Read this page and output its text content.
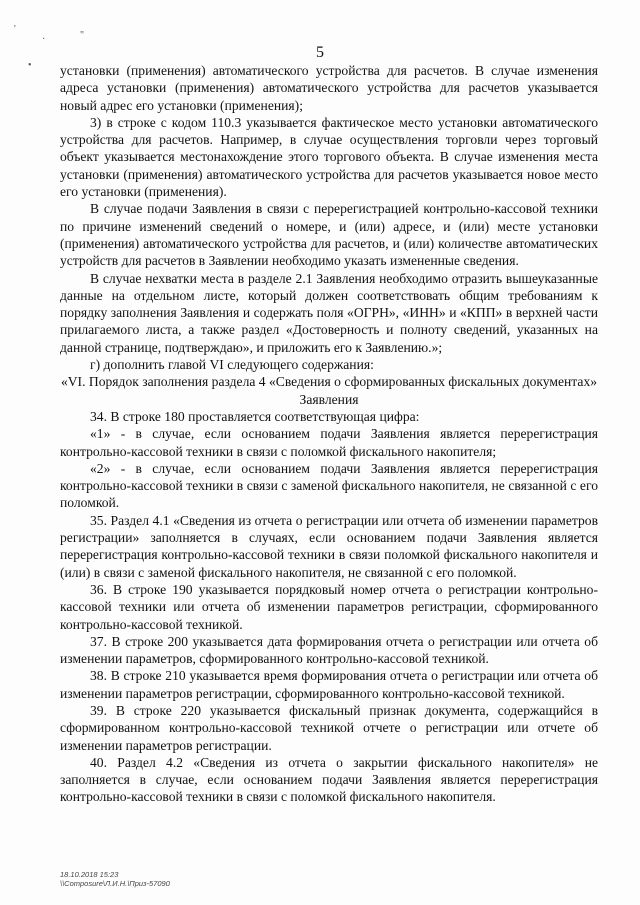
'
·	"
•
5

установки (применения) автоматического устройства для расчетов. В случае изменения адреса установки (применения) автоматического устройства для расчетов указывается новый адрес его установки (применения);

3) в строке с кодом 110.3 указывается фактическое место установки автоматического устройства для расчетов. Например, в случае осуществления торговли через торговый объект указывается местонахождение этого торгового объекта. В случае изменения места установки (применения) автоматического устройства для расчетов указывается новое место его установки (применения).

В случае подачи Заявления в связи с перерегистрацией контрольно-кассовой техники по причине изменений сведений о номере, и (или) адресе, и (или) месте установки (применения) автоматического устройства для расчетов, и (или) количестве автоматических устройств для расчетов в Заявлении необходимо указать измененные сведения.

В случае нехватки места в разделе 2.1 Заявления необходимо отразить вышеуказанные данные на отдельном листе, который должен соответствовать общим требованиям к порядку заполнения Заявления и содержать поля «ОГРН», «ИНН» и «КПП» в верхней части прилагаемого листа, а также раздел «Достоверность и полноту сведений, указанных на данной странице, подтверждаю», и приложить его к Заявлению.»;

г) дополнить главой VI следующего содержания:

«VI. Порядок заполнения раздела 4 «Сведения о сформированных фискальных документах» Заявления

34. В строке 180 проставляется соответствующая цифра:

«1» - в случае, если основанием подачи Заявления является перерегистрация контрольно-кассовой техники в связи с поломкой фискального накопителя;

«2» - в случае, если основанием подачи Заявления является перерегистрация контрольно-кассовой техники в связи с заменой фискального накопителя, не связанной с его поломкой.

35. Раздел 4.1 «Сведения из отчета о регистрации или отчета об изменении параметров регистрации» заполняется в случаях, если основанием подачи Заявления является перерегистрация контрольно-кассовой техники в связи поломкой фискального накопителя и (или) в связи с заменой фискального накопителя, не связанной с его поломкой.

36. В строке 190 указывается порядковый номер отчета о регистрации контрольно-кассовой техники или отчета об изменении параметров регистрации, сформированного контрольно-кассовой техникой.

37. В строке 200 указывается дата формирования отчета о регистрации или отчета об изменении параметров, сформированного контрольно-кассовой техникой.

38. В строке 210 указывается время формирования отчета о регистрации или отчета об изменении параметров регистрации, сформированного контрольно-кассовой техникой.

39. В строке 220 указывается фискальный признак документа, содержащийся в сформированном контрольно-кассовой техникой отчете о регистрации или отчете об изменении параметров регистрации.

40. Раздел 4.2 «Сведения из отчета о закрытии фискального накопителя» не заполняется в случае, если основанием подачи Заявления является перерегистрация контрольно-кассовой техники в связи с поломкой фискального накопителя.

18.10.2018 15:23
\\Composure\Л.И.Н.\Приз-57090
